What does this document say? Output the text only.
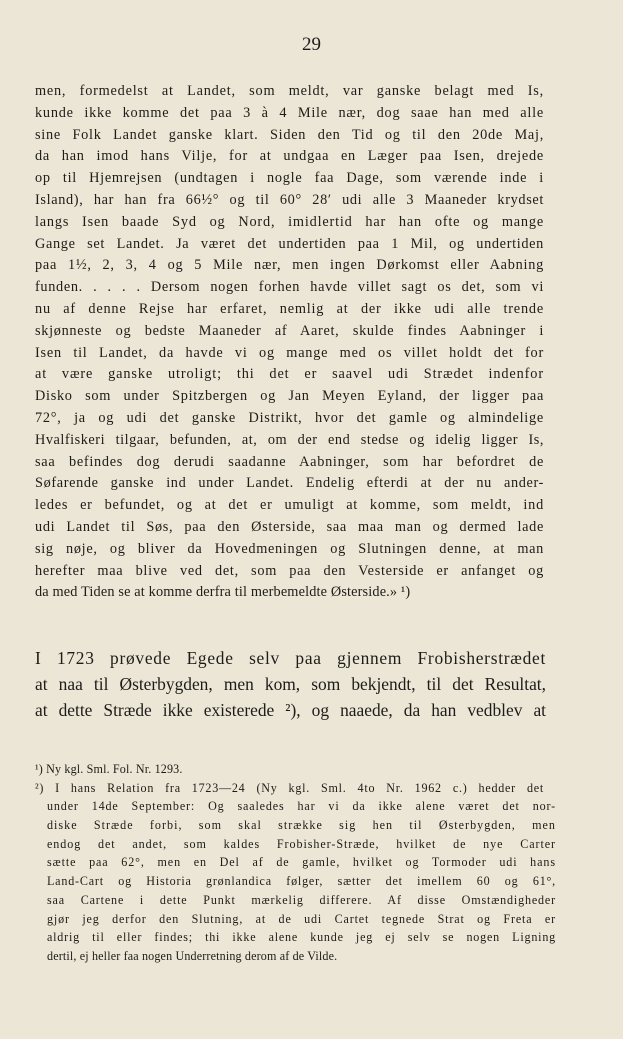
29
men, formedelst at Landet, som meldt, var ganske belagt med Is,
kunde ikke komme det paa 3 à 4 Mile nær, dog saae han med alle
sine Folk Landet ganske klart. Siden den Tid og til den 20de Maj,
da han imod hans Vilje, for at undgaa en Læger paa Isen, drejede
op til Hjemrejsen (undtagen i nogle faa Dage, som værende inde i
Island), har han fra 66½° og til 60° 28′ udi alle 3 Maaneder krydset
langs Isen baade Syd og Nord, imidlertid har han ofte og mange
Gange set Landet. Ja været det undertiden paa 1 Mil, og undertiden
paa 1½, 2, 3, 4 og 5 Mile nær, men ingen Dørkomst eller Aabning
funden. . . . . Dersom nogen forhen havde villet sagt os det, som vi
nu af denne Rejse har erfaret, nemlig at der ikke udi alle trende
skjønneste og bedste Maaneder af Aaret, skulde findes Aabninger i
Isen til Landet, da havde vi og mange med os villet holdt det for
at være ganske utroligt; thi det er saavel udi Strædet indenfor
Disko som under Spitzbergen og Jan Meyen Eyland, der ligger paa
72°, ja og udi det ganske Distrikt, hvor det gamle og almindelige
Hvalfiskeri tilgaar, befunden, at, om der end stedse og idelig ligger Is,
saa befindes dog derudi saadanne Aabninger, som har befordret de
Søfarende ganske ind under Landet. Endelig efterdi at der nu ander-
ledes er befundet, og at det er umuligt at komme, som meldt, ind
udi Landet til Søs, paa den Østerside, saa maa man og dermed lade
sig nøje, og bliver da Hovedmeningen og Slutningen denne, at man
herefter maa blive ved det, som paa den Vesterside er anfanget og
da med Tiden se at komme derfra til merbemeldte Østerside.» ¹)
I 1723 prøvede Egede selv paa gjennem Frobisherstrædet
at naa til Østerbygden, men kom, som bekjendt, til det Resultat,
at dette Stræde ikke existerede ²), og naaede, da han vedblev at
¹) Ny kgl. Sml. Fol. Nr. 1293.
²) I hans Relation fra 1723—24 (Ny kgl. Sml. 4to Nr. 1962 c.) hedder det
under 14de September: Og saaledes har vi da ikke alene været det nor-
diske Stræde forbi, som skal strække sig hen til Østerbygden, men
endog det andet, som kaldes Frobisher-Stræde, hvilket de nye Carter
sætte paa 62°, men en Del af de gamle, hvilket og Tormoder udi hans
Land-Cart og Historia grønlandica følger, sætter det imellem 60 og 61°,
saa Cartene i dette Punkt mærkelig differere. Af disse Omstændigheder
gjør jeg derfor den Slutning, at de udi Cartet tegnede Strat og Freta er
aldrig til eller findes; thi ikke alene kunde jeg ej selv se nogen Ligning
dertil, ej heller faa nogen Underretning derom af de Vilde.
